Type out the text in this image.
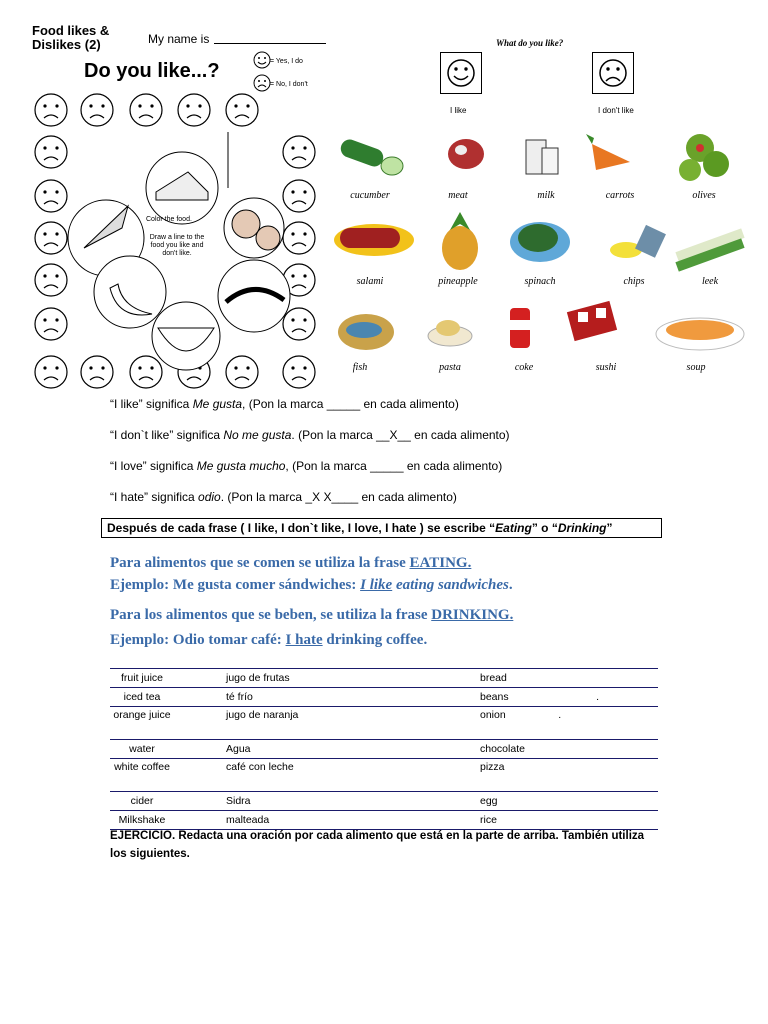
Food likes &
Dislikes (2)	My name is
Do you like...?	= Yes, I do
= No, I don't
Color the food.
Draw a line to the food you like and don't like.
What do you like?
I like	I don't like
cucumber	meat	milk	carrots	olives
salami	pineapple	spinach	chips	leek
fish	pasta	coke	sushi	soup
“I like” significa Me gusta, (Pon la marca _____ en cada alimento)
“I don`t like” significa No me gusta. (Pon la marca __X__ en cada alimento)
“I love” significa Me gusta mucho, (Pon la marca _____ en cada alimento)
“I hate” significa odio. (Pon la marca _X X____ en cada alimento)
Después de cada frase ( I like, I don`t like, I love, I hate ) se escribe “Eating” o “Drinking”
Para alimentos que se comen se utiliza la frase EATING.
Ejemplo: Me gusta comer sándwiches: I like eating sandwiches.
Para los alimentos que se beben, se utiliza la frase DRINKING.
Ejemplo: Odio tomar café: I hate drinking coffee.
fruit juice	jugo de frutas	bread
iced tea	té frío	beans                              .
orange juice	jugo de naranja	onion                  .
water	Agua	chocolate
white coffee	café con leche	pizza
cider	Sidra	egg
Milkshake	malteada	rice
EJERCICIO. Redacta una oración por cada alimento que está en la parte de arriba. También utiliza los siguientes.
